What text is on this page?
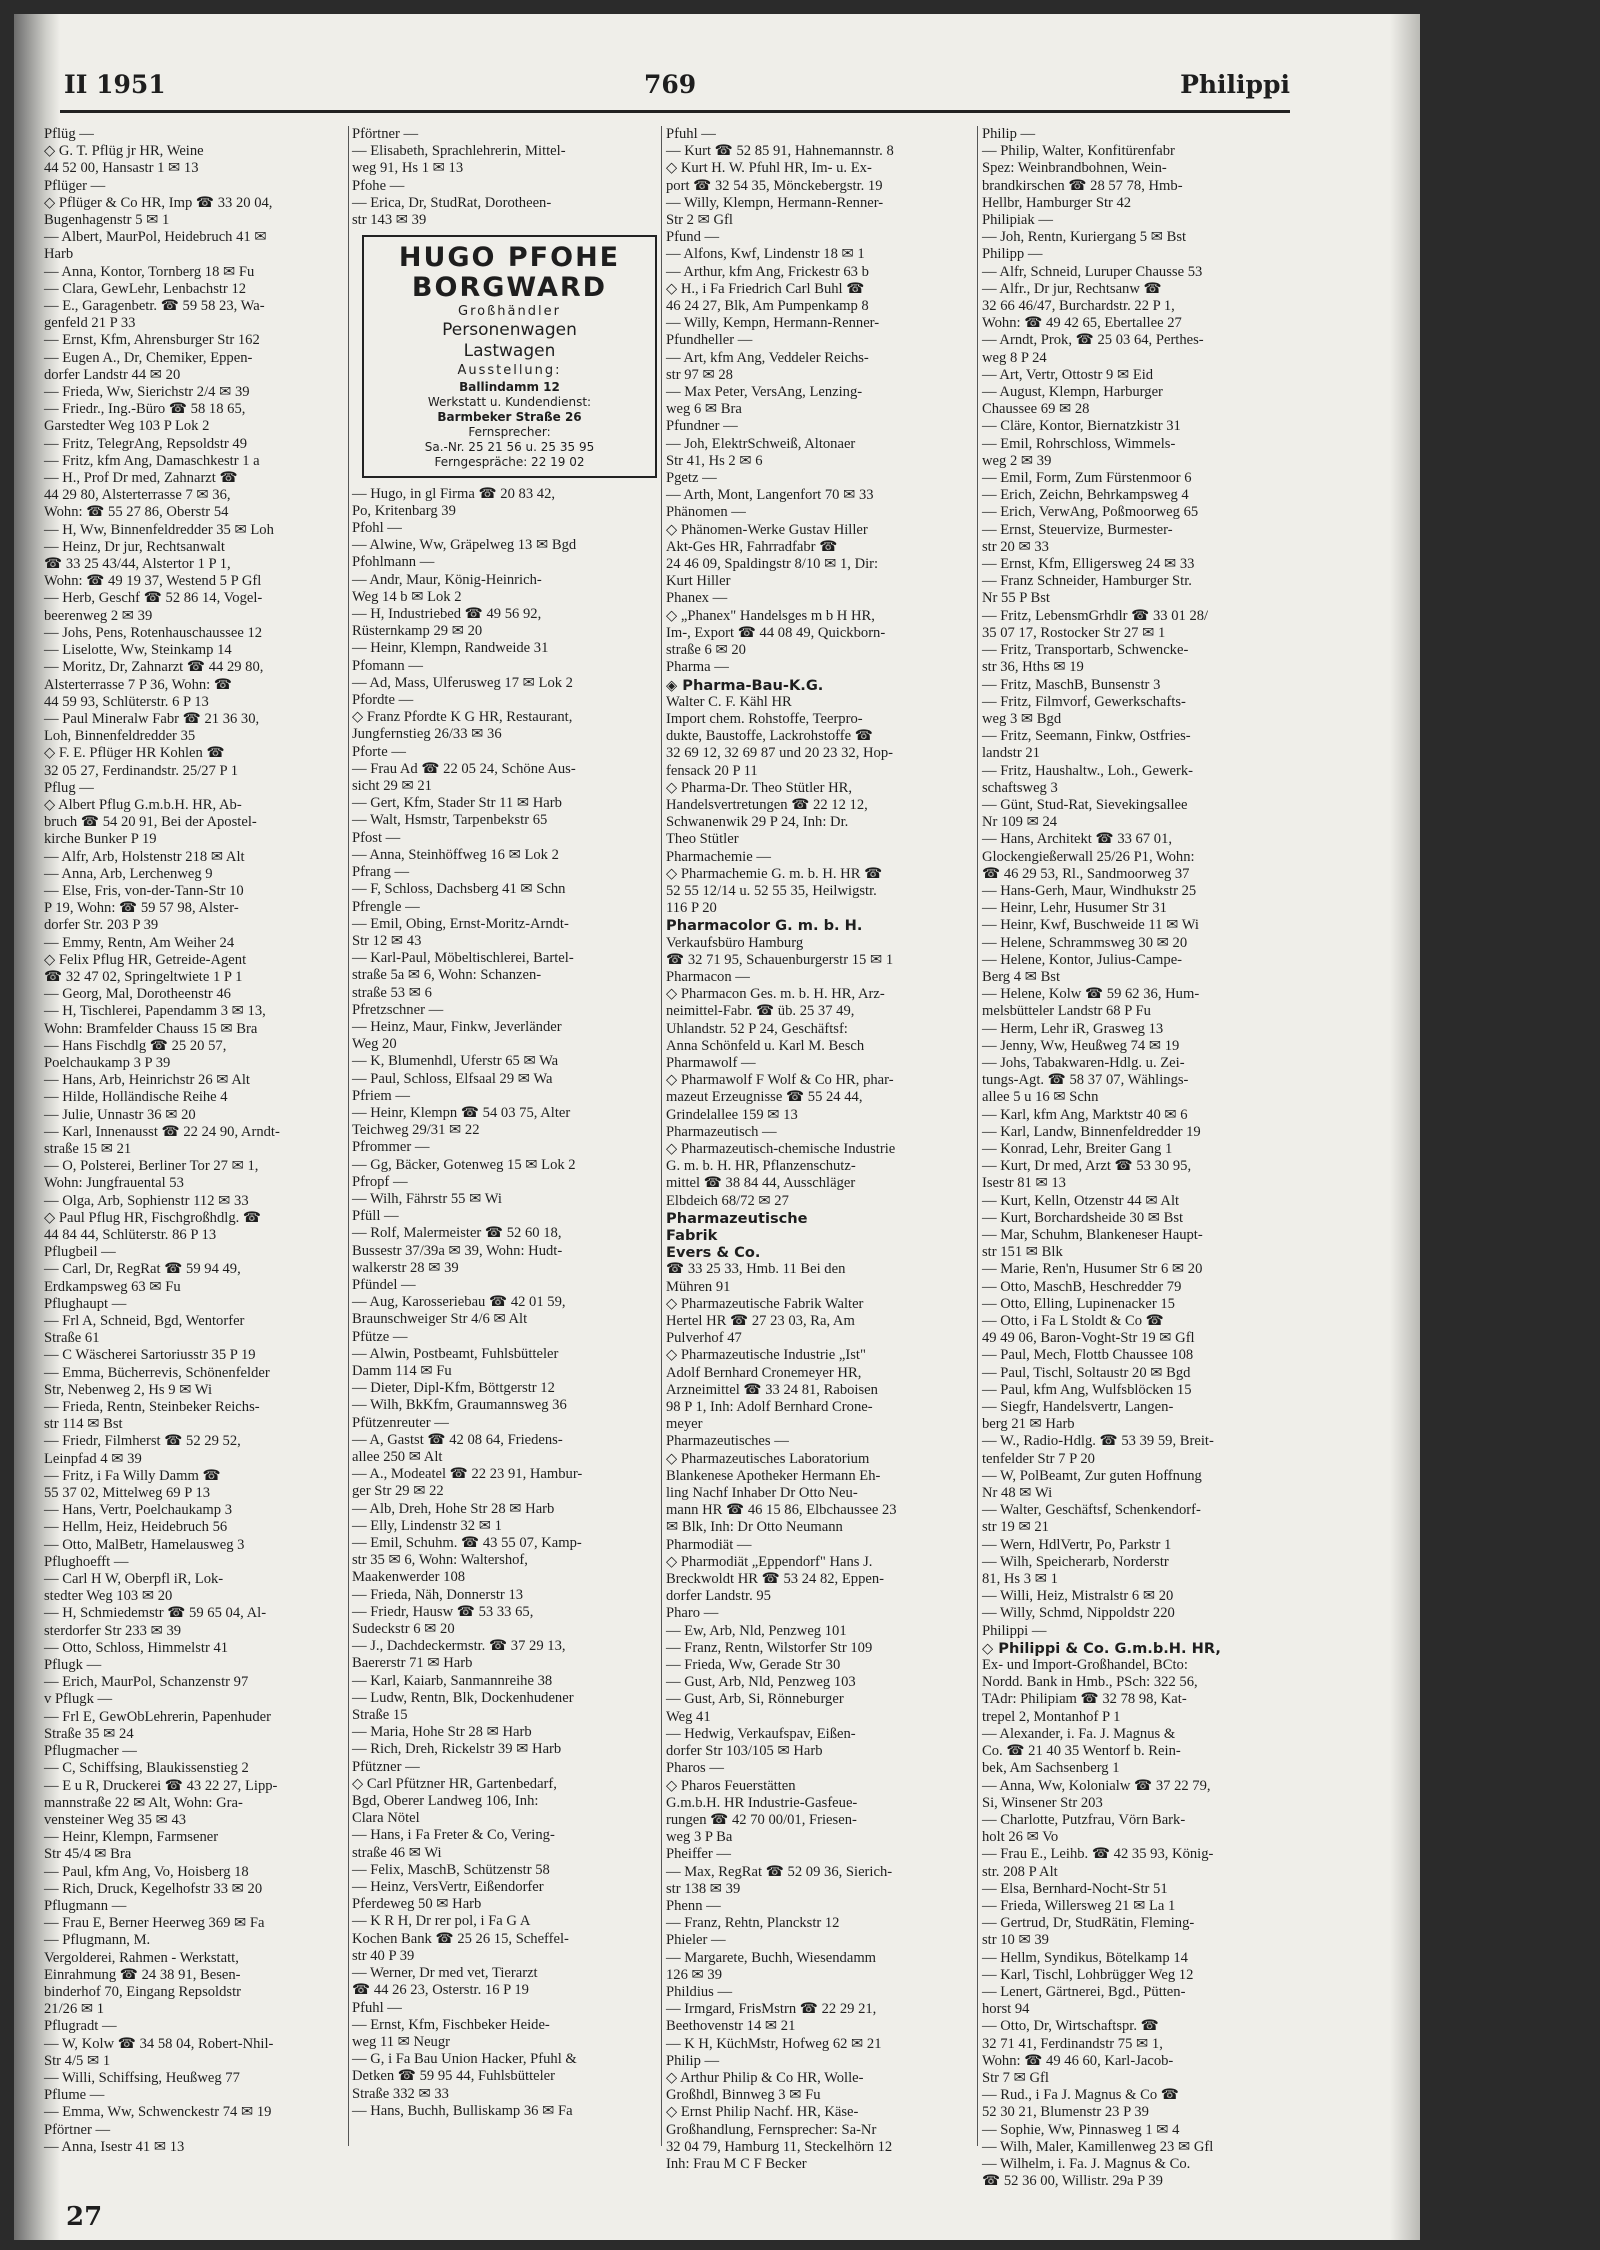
II 1951	769	Philippi
Pflüg —
◇ G. T. Pflüg jr HR, Weine
44 52 00, Hansastr 1 ✉ 13
Pflüger —
◇ Pflüger & Co HR, Imp ☎ 33 20 04,
Bugenhagenstr 5 ✉ 1
— Albert, MaurPol, Heidebruch 41 ✉
Harb
— Anna, Kontor, Tornberg 18 ✉ Fu
— Clara, GewLehr, Lenbachstr 12
— E., Garagenbetr. ☎ 59 58 23, Wa-
genfeld 21 P 33
— Ernst, Kfm, Ahrensburger Str 162
— Eugen A., Dr, Chemiker, Eppen-
dorfer Landstr 44 ✉ 20
— Frieda, Ww, Sierichstr 2/4 ✉ 39
— Friedr., Ing.-Büro ☎ 58 18 65,
Garstedter Weg 103 P Lok 2
— Fritz, TelegrAng, Repsoldstr 49
— Fritz, kfm Ang, Damaschkestr 1 a
— H., Prof Dr med, Zahnarzt ☎
44 29 80, Alsterterrasse 7 ✉ 36,
Wohn: ☎ 55 27 86, Oberstr 54
— H, Ww, Binnenfeldredder 35 ✉ Loh
— Heinz, Dr jur, Rechtsanwalt
☎ 33 25 43/44, Alstertor 1 P 1,
Wohn: ☎ 49 19 37, Westend 5 P Gfl
— Herb, Geschf ☎ 52 86 14, Vogel-
beerenweg 2 ✉ 39
— Johs, Pens, Rotenhauschaussee 12
— Liselotte, Ww, Steinkamp 14
— Moritz, Dr, Zahnarzt ☎ 44 29 80,
Alsterterrasse 7 P 36, Wohn: ☎
44 59 93, Schlüterstr. 6 P 13
— Paul Mineralw Fabr ☎ 21 36 30,
Loh, Binnenfeldredder 35
◇ F. E. Pflüger HR Kohlen ☎
32 05 27, Ferdinandstr. 25/27 P 1
Pflug —
◇ Albert Pflug G.m.b.H. HR, Ab-
bruch ☎ 54 20 91, Bei der Apostel-
kirche Bunker P 19
— Alfr, Arb, Holstenstr 218 ✉ Alt
— Anna, Arb, Lerchenweg 9
— Else, Fris, von-der-Tann-Str 10
P 19, Wohn: ☎ 59 57 98, Alster-
dorfer Str. 203 P 39
— Emmy, Rentn, Am Weiher 24
◇ Felix Pflug HR, Getreide-Agent
☎ 32 47 02, Springeltwiete 1 P 1
— Georg, Mal, Dorotheenstr 46
— H, Tischlerei, Papendamm 3 ✉ 13,
Wohn: Bramfelder Chauss 15 ✉ Bra
— Hans Fischdlg ☎ 25 20 57,
Poelchaukamp 3 P 39
— Hans, Arb, Heinrichstr 26 ✉ Alt
— Hilde, Holländische Reihe 4
— Julie, Unnastr 36 ✉ 20
— Karl, Innenausst ☎ 22 24 90, Arndt-
straße 15 ✉ 21
— O, Polsterei, Berliner Tor 27 ✉ 1,
Wohn: Jungfrauental 53
— Olga, Arb, Sophienstr 112 ✉ 33
◇ Paul Pflug HR, Fischgroßhdlg. ☎
44 84 44, Schlüterstr. 86 P 13
Pflugbeil —
— Carl, Dr, RegRat ☎ 59 94 49,
Erdkampsweg 63 ✉ Fu
Pflughaupt —
— Frl A, Schneid, Bgd, Wentorfer
Straße 61
— C Wäscherei Sartoriusstr 35 P 19
— Emma, Bücherrevis, Schönenfelder
Str, Nebenweg 2, Hs 9 ✉ Wi
— Frieda, Rentn, Steinbeker Reichs-
str 114 ✉ Bst
— Friedr, Filmherst ☎ 52 29 52,
Leinpfad 4 ✉ 39
— Fritz, i Fa Willy Damm ☎
55 37 02, Mittelweg 69 P 13
— Hans, Vertr, Poelchaukamp 3
— Hellm, Heiz, Heidebruch 56
— Otto, MalBetr, Hamelausweg 3
Pflughoefft —
— Carl H W, Oberpfl iR, Lok-
stedter Weg 103 ✉ 20
— H, Schmiedemstr ☎ 59 65 04, Al-
sterdorfer Str 233 ✉ 39
— Otto, Schloss, Himmelstr 41
Pflugk —
— Erich, MaurPol, Schanzenstr 97
v Pflugk —
— Frl E, GewObLehrerin, Papenhuder
Straße 35 ✉ 24
Pflugmacher —
— C, Schiffsing, Blaukissenstieg 2
— E u R, Druckerei ☎ 43 22 27, Lipp-
mannstraße 22 ✉ Alt, Wohn: Gra-
vensteiner Weg 35 ✉ 43
— Heinr, Klempn, Farmsener
Str 45/4 ✉ Bra
— Paul, kfm Ang, Vo, Hoisberg 18
— Rich, Druck, Kegelhofstr 33 ✉ 20
Pflugmann —
— Frau E, Berner Heerweg 369 ✉ Fa
— Pflugmann, M.
Vergolderei, Rahmen - Werkstatt,
Einrahmung ☎ 24 38 91, Besen-
binderhof 70, Eingang Repsoldstr
21/26 ✉ 1
Pflugradt —
— W, Kolw ☎ 34 58 04, Robert-Nhil-
Str 4/5 ✉ 1
— Willi, Schiffsing, Heußweg 77
Pflume —
— Emma, Ww, Schwenckestr 74 ✉ 19
Pförtner —
— Anna, Isestr 41 ✉ 13
Pförtner —
— Elisabeth, Sprachlehrerin, Mittel-
weg 91, Hs 1 ✉ 13
Pfohe —
— Erica, Dr, StudRat, Dorotheen-
str 143 ✉ 39
HUGO PFOHE
BORGWARD
Großhändler
Personenwagen
Lastwagen
Ausstellung:
Ballindamm 12
Werkstatt u. Kundendienst:
Barmbeker Straße 26
Fernsprecher:
Sa.-Nr. 25 21 56 u. 25 35 95
Ferngespräche: 22 19 02
— Hugo, in gl Firma ☎ 20 83 42,
Po, Kritenbarg 39
Pfohl —
— Alwine, Ww, Gräpelweg 13 ✉ Bgd
Pfohlmann —
— Andr, Maur, König-Heinrich-
Weg 14 b ✉ Lok 2
— H, Industriebed ☎ 49 56 92,
Rüsternkamp 29 ✉ 20
— Heinr, Klempn, Randweide 31
Pfomann —
— Ad, Mass, Ulferusweg 17 ✉ Lok 2
Pfordte —
◇ Franz Pfordte K G HR, Restaurant,
Jungfernstieg 26/33 ✉ 36
Pforte —
— Frau Ad ☎ 22 05 24, Schöne Aus-
sicht 29 ✉ 21
— Gert, Kfm, Stader Str 11 ✉ Harb
— Walt, Hsmstr, Tarpenbekstr 65
Pfost —
— Anna, Steinhöffweg 16 ✉ Lok 2
Pfrang —
— F, Schloss, Dachsberg 41 ✉ Schn
Pfrengle —
— Emil, Obing, Ernst-Moritz-Arndt-
Str 12 ✉ 43
— Karl-Paul, Möbeltischlerei, Bartel-
straße 5a ✉ 6, Wohn: Schanzen-
straße 53 ✉ 6
Pfretzschner —
— Heinz, Maur, Finkw, Jeverländer
Weg 20
— K, Blumenhdl, Uferstr 65 ✉ Wa
— Paul, Schloss, Elfsaal 29 ✉ Wa
Pfriem —
— Heinr, Klempn ☎ 54 03 75, Alter
Teichweg 29/31 ✉ 22
Pfrommer —
— Gg, Bäcker, Gotenweg 15 ✉ Lok 2
Pfropf —
— Wilh, Fährstr 55 ✉ Wi
Pfüll —
— Rolf, Malermeister ☎ 52 60 18,
Bussestr 37/39a ✉ 39, Wohn: Hudt-
walkerstr 28 ✉ 39
Pfündel —
— Aug, Karosseriebau ☎ 42 01 59,
Braunschweiger Str 4/6 ✉ Alt
Pfütze —
— Alwin, Postbeamt, Fuhlsbütteler
Damm 114 ✉ Fu
— Dieter, Dipl-Kfm, Böttgerstr 12
— Wilh, BkKfm, Graumannsweg 36
Pfützenreuter —
— A, Gastst ☎ 42 08 64, Friedens-
allee 250 ✉ Alt
— A., Modeatel ☎ 22 23 91, Hambur-
ger Str 29 ✉ 22
— Alb, Dreh, Hohe Str 28 ✉ Harb
— Elly, Lindenstr 32 ✉ 1
— Emil, Schuhm. ☎ 43 55 07, Kamp-
str 35 ✉ 6, Wohn: Waltershof,
Maakenwerder 108
— Frieda, Näh, Donnerstr 13
— Friedr, Hausw ☎ 53 33 65,
Sudeckstr 6 ✉ 20
— J., Dachdeckermstr. ☎ 37 29 13,
Baererstr 71 ✉ Harb
— Karl, Kaiarb, Sanmannreihe 38
— Ludw, Rentn, Blk, Dockenhudener
Straße 15
— Maria, Hohe Str 28 ✉ Harb
— Rich, Dreh, Rickelstr 39 ✉ Harb
Pfützner —
◇ Carl Pfützner HR, Gartenbedarf,
Bgd, Oberer Landweg 106, Inh:
Clara Nötel
— Hans, i Fa Freter & Co, Vering-
straße 46 ✉ Wi
— Felix, MaschB, Schützenstr 58
— Heinz, VersVertr, Eißendorfer
Pferdeweg 50 ✉ Harb
— K R H, Dr rer pol, i Fa G A
Kochen Bank ☎ 25 26 15, Scheffel-
str 40 P 39
— Werner, Dr med vet, Tierarzt
☎ 44 26 23, Osterstr. 16 P 19
Pfuhl —
— Ernst, Kfm, Fischbeker Heide-
weg 11 ✉ Neugr
— G, i Fa Bau Union Hacker, Pfuhl &
Detken ☎ 59 95 44, Fuhlsbütteler
Straße 332 ✉ 33
— Hans, Buchh, Bulliskamp 36 ✉ Fa
Pfuhl —
— Kurt ☎ 52 85 91, Hahnemannstr. 8
◇ Kurt H. W. Pfuhl HR, Im- u. Ex-
port ☎ 32 54 35, Mönckebergstr. 19
— Willy, Klempn, Hermann-Renner-
Str 2 ✉ Gfl
Pfund —
— Alfons, Kwf, Lindenstr 18 ✉ 1
— Arthur, kfm Ang, Frickestr 63 b
◇ H., i Fa Friedrich Carl Buhl ☎
46 24 27, Blk, Am Pumpenkamp 8
— Willy, Kempn, Hermann-Renner-
Pfundheller —
— Art, kfm Ang, Veddeler Reichs-
str 97 ✉ 28
— Max Peter, VersAng, Lenzing-
weg 6 ✉ Bra
Pfundner —
— Joh, ElektrSchweiß, Altonaer
Str 41, Hs 2 ✉ 6
Pgetz —
— Arth, Mont, Langenfort 70 ✉ 33
Phänomen —
◇ Phänomen-Werke Gustav Hiller
Akt-Ges HR, Fahrradfabr ☎
24 46 09, Spaldingstr 8/10 ✉ 1, Dir:
Kurt Hiller
Phanex —
◇ „Phanex" Handelsges m b H HR,
Im-, Export ☎ 44 08 49, Quickborn-
straße 6 ✉ 20
Pharma —
◈ Pharma-Bau-K.G.
Walter C. F. Kähl HR
Import chem. Rohstoffe, Teerpro-
dukte, Baustoffe, Lackrohstoffe ☎
32 69 12, 32 69 87 und 20 23 32, Hop-
fensack 20 P 11
◇ Pharma-Dr. Theo Stütler HR,
Handelsvertretungen ☎ 22 12 12,
Schwanenwik 29 P 24, Inh: Dr.
Theo Stütler
Pharmachemie —
◇ Pharmachemie G. m. b. H. HR ☎
52 55 12/14 u. 52 55 35, Heilwigstr.
116 P 20
Pharmacolor G. m. b. H.
Verkaufsbüro Hamburg
☎ 32 71 95, Schauenburgerstr 15 ✉ 1
Pharmacon —
◇ Pharmacon Ges. m. b. H. HR, Arz-
neimittel-Fabr. ☎ üb. 25 37 49,
Uhlandstr. 52 P 24, Geschäftsf:
Anna Schönfeld u. Karl M. Besch
Pharmawolf —
◇ Pharmawolf F Wolf & Co HR, phar-
mazeut Erzeugnisse ☎ 55 24 44,
Grindelallee 159 ✉ 13
Pharmazeutisch —
◇ Pharmazeutisch-chemische Industrie
G. m. b. H. HR, Pflanzenschutz-
mittel ☎ 38 84 44, Ausschläger
Elbdeich 68/72 ✉ 27
Pharmazeutische
Fabrik
Evers & Co.
☎ 33 25 33, Hmb. 11 Bei den
Mühren 91
◇ Pharmazeutische Fabrik Walter
Hertel HR ☎ 27 23 03, Ra, Am
Pulverhof 47
◇ Pharmazeutische Industrie „Ist"
Adolf Bernhard Cronemeyer HR,
Arzneimittel ☎ 33 24 81, Raboisen
98 P 1, Inh: Adolf Bernhard Crone-
meyer
Pharmazeutisches —
◇ Pharmazeutisches Laboratorium
Blankenese Apotheker Hermann Eh-
ling Nachf Inhaber Dr Otto Neu-
mann HR ☎ 46 15 86, Elbchaussee 23
✉ Blk, Inh: Dr Otto Neumann
Pharmodiät —
◇ Pharmodiät „Eppendorf" Hans J.
Breckwoldt HR ☎ 53 24 82, Eppen-
dorfer Landstr. 95
Pharo —
— Ew, Arb, Nld, Penzweg 101
— Franz, Rentn, Wilstorfer Str 109
— Frieda, Ww, Gerade Str 30
— Gust, Arb, Nld, Penzweg 103
— Gust, Arb, Si, Rönneburger
Weg 41
— Hedwig, Verkaufspav, Eißen-
dorfer Str 103/105 ✉ Harb
Pharos —
◇ Pharos Feuerstätten
G.m.b.H. HR Industrie-Gasfeue-
rungen ☎ 42 70 00/01, Friesen-
weg 3 P Ba
Pheiffer —
— Max, RegRat ☎ 52 09 36, Sierich-
str 138 ✉ 39
Phenn —
— Franz, Rehtn, Planckstr 12
Phieler —
— Margarete, Buchh, Wiesendamm
126 ✉ 39
Phildius —
— Irmgard, FrisMstrn ☎ 22 29 21,
Beethovenstr 14 ✉ 21
— K H, KüchMstr, Hofweg 62 ✉ 21
Philip —
◇ Arthur Philip & Co HR, Wolle-
Großhdl, Binnweg 3 ✉ Fu
◇ Ernst Philip Nachf. HR, Käse-
Großhandlung, Fernsprecher: Sa-Nr
32 04 79, Hamburg 11, Steckelhörn 12
Inh: Frau M C F Becker
Philip —
— Philip, Walter, Konfitürenfabr
Spez: Weinbrandbohnen, Wein-
brandkirschen ☎ 28 57 78, Hmb-
Hellbr, Hamburger Str 42
Philipiak —
— Joh, Rentn, Kuriergang 5 ✉ Bst
Philipp —
— Alfr, Schneid, Luruper Chausse 53
— Alfr., Dr jur, Rechtsanw ☎
32 66 46/47, Burchardstr. 22 P 1,
Wohn: ☎ 49 42 65, Ebertallee 27
— Arndt, Prok, ☎ 25 03 64, Perthes-
weg 8 P 24
— Art, Vertr, Ottostr 9 ✉ Eid
— August, Klempn, Harburger
Chaussee 69 ✉ 28
— Cläre, Kontor, Biernatzkistr 31
— Emil, Rohrschloss, Wimmels-
weg 2 ✉ 39
— Emil, Form, Zum Fürstenmoor 6
— Erich, Zeichn, Behrkampsweg 4
— Erich, VerwAng, Poßmoorweg 65
— Ernst, Steuervize, Burmester-
str 20 ✉ 33
— Ernst, Kfm, Elligersweg 24 ✉ 33
— Franz Schneider, Hamburger Str.
Nr 55 P Bst
— Fritz, LebensmGrhdlr ☎ 33 01 28/
35 07 17, Rostocker Str 27 ✉ 1
— Fritz, Transportarb, Schwencke-
str 36, Hths ✉ 19
— Fritz, MaschB, Bunsenstr 3
— Fritz, Filmvorf, Gewerkschafts-
weg 3 ✉ Bgd
— Fritz, Seemann, Finkw, Ostfries-
landstr 21
— Fritz, Haushaltw., Loh., Gewerk-
schaftsweg 3
— Günt, Stud-Rat, Sievekingsallee
Nr 109 ✉ 24
— Hans, Architekt ☎ 33 67 01,
Glockengießerwall 25/26 P1, Wohn:
☎ 46 29 53, Rl., Sandmoorweg 37
— Hans-Gerh, Maur, Windhukstr 25
— Heinr, Lehr, Husumer Str 31
— Heinr, Kwf, Buschweide 11 ✉ Wi
— Helene, Schrammsweg 30 ✉ 20
— Helene, Kontor, Julius-Campe-
Berg 4 ✉ Bst
— Helene, Kolw ☎ 59 62 36, Hum-
melsbütteler Landstr 68 P Fu
— Herm, Lehr iR, Grasweg 13
— Jenny, Ww, Heußweg 74 ✉ 19
— Johs, Tabakwaren-Hdlg. u. Zei-
tungs-Agt. ☎ 58 37 07, Wählings-
allee 5 u 16 ✉ Schn
— Karl, kfm Ang, Marktstr 40 ✉ 6
— Karl, Landw, Binnenfeldredder 19
— Konrad, Lehr, Breiter Gang 1
— Kurt, Dr med, Arzt ☎ 53 30 95,
Isestr 81 ✉ 13
— Kurt, Kelln, Otzenstr 44 ✉ Alt
— Kurt, Borchardsheide 30 ✉ Bst
— Mar, Schuhm, Blankeneser Haupt-
str 151 ✉ Blk
— Marie, Ren'n, Husumer Str 6 ✉ 20
— Otto, MaschB, Heschredder 79
— Otto, Elling, Lupinenacker 15
— Otto, i Fa L Stoldt & Co ☎
49 49 06, Baron-Voght-Str 19 ✉ Gfl
— Paul, Mech, Flottb Chaussee 108
— Paul, Tischl, Soltaustr 20 ✉ Bgd
— Paul, kfm Ang, Wulfsblöcken 15
— Siegfr, Handelsvertr, Langen-
berg 21 ✉ Harb
— W., Radio-Hdlg. ☎ 53 39 59, Breit-
tenfelder Str 7 P 20
— W, PolBeamt, Zur guten Hoffnung
Nr 48 ✉ Wi
— Walter, Geschäftsf, Schenkendorf-
str 19 ✉ 21
— Wern, HdlVertr, Po, Parkstr 1
— Wilh, Speicherarb, Norderstr
81, Hs 3 ✉ 1
— Willi, Heiz, Mistralstr 6 ✉ 20
— Willy, Schmd, Nippoldstr 220
Philippi —
◇ Philippi & Co. G.m.b.H. HR,
Ex- und Import-Großhandel, BCto:
Nordd. Bank in Hmb., PSch: 322 56,
TAdr: Philipiam ☎ 32 78 98, Kat-
trepel 2, Montanhof P 1
— Alexander, i. Fa. J. Magnus &
Co. ☎ 21 40 35 Wentorf b. Rein-
bek, Am Sachsenberg 1
— Anna, Ww, Kolonialw ☎ 37 22 79,
Si, Winsener Str 203
— Charlotte, Putzfrau, Vörn Bark-
holt 26 ✉ Vo
— Frau E., Leihb. ☎ 42 35 93, König-
str. 208 P Alt
— Elsa, Bernhard-Nocht-Str 51
— Frieda, Willersweg 21 ✉ La 1
— Gertrud, Dr, StudRätin, Fleming-
str 10 ✉ 39
— Hellm, Syndikus, Bötelkamp 14
— Karl, Tischl, Lohbrügger Weg 12
— Lenert, Gärtnerei, Bgd., Pütten-
horst 94
— Otto, Dr, Wirtschaftspr. ☎
32 71 41, Ferdinandstr 75 ✉ 1,
Wohn: ☎ 49 46 60, Karl-Jacob-
Str 7 ✉ Gfl
— Rud., i Fa J. Magnus & Co ☎
52 30 21, Blumenstr 23 P 39
— Sophie, Ww, Pinnasweg 1 ✉ 4
— Wilh, Maler, Kamillenweg 23 ✉ Gfl
— Wilhelm, i. Fa. J. Magnus & Co.
☎ 52 36 00, Willistr. 29a P 39
27
